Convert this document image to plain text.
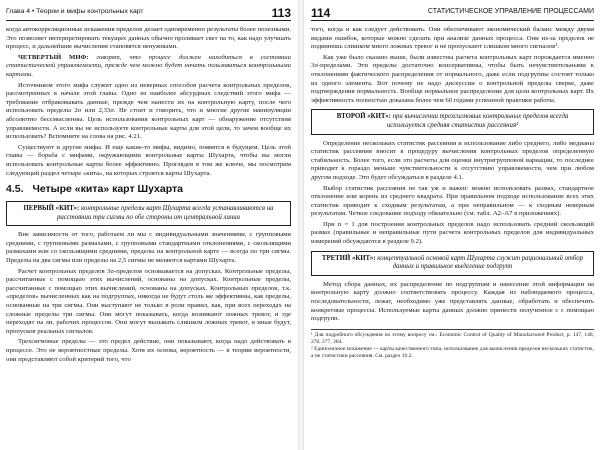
Глава 4 • Теории и мифы контрольных карт	113

когда автокорреляционные искажения пределов делает одновременно результаты более полезными. Это позволяет интерпретировать текущих данных обычно проливает свет на то, как надо улучшать процесс, и дальнейшие вычисления становятся ненужными.

ЧЕТВЕРТЫЙ МИФ: говорят, что процесс должен находиться в состоянии статистической управляемости, прежде чем можно будет начать пользоваться контрольными картами.

Источником этого мифа служит одно из неверных способов расчета контрольных пределов, рассмотренных в начале этой главы. Одно из наиболее абсурдных следствий этого мифа — требование отбраковывать данные, прежде чем нанести их на контрольную карту, после чего использовать пределы 2σ или 2,33σ. Не стоит и говорить, что и многие другие манипуляции абсолютно бессмысленны. Цель использования контрольных карт — обнаружение отсутствия управляемости. А если вы не используете контрольные карты для этой цели, то зачем вообще их использовать? Вспомните на слова на рис. 4.21.

Существуют и другие мифы. И еще какие-то мифы, видимо, появятся в будущем. Цель этой главы — борьба с мифами, окружающими контрольные карты Шухарта, чтобы вы могли использовать контрольные карты более эффективно. Проглядев в том же ключе, мы посмотрим следующий раздел четыре «кита», на которых строятся карты Шухарта.

4.5. Четыре «кита» карт Шухарта
ПЕРВЫЙ «КИТ»: контрольные пределы карт Шухарта всегда устанавливаются на расстоянии три сигмы по обе стороны от центральной линии

Вне зависимости от того, работаем ли мы с индивидуальными значениями, с групповыми средними, с групповыми размахами, с групповыми стандартными отклонениями, с скользящими размахами или со скользящими средними, пределы на контрольной карте — всегда по три сигмы. Пределы на два сигмы или пределы на 2,5 сигмы не являются картами Шухарта.

Расчет контрольных пределов 3σ-пределов основывается на допусках. Контрольные пределы, рассчитанные с помощью этих вычислений, основаны на допусках. Контрольные пределы, рассчитанные с помощью этих вычислений, основаны на допусках. Контрольных пределов, т.к. «пределов» вычисленных как на подгруппах, никогда не будут столь же эффективны, как пределы, основанные на три сигмы. Они выступают не только в роли правил, как, при всех переходах на сложные пределы три сигмы. Они могут показывать, когда возникают ложных тревог, и где переходят на ли, рабочих процессов. Они могут вызывать слишком ложных тревог, и иные будут, пропусков реальных сигналов.

Трехсигмовые пределы — это предел действие, они показывают, когда надо действовать в процессе. Это не вероятностные пределы. Хотя их основа, вероятность — в теории вероятности, они представляют собой критерий того, что

114	СТАТИСТИЧЕСКОЕ УПРАВЛЕНИЕ ПРОЦЕССАМИ

того, когда и как следует действовать. Они обеспечивают экономический баланс между двумя видами ошибок, которые можно сделать при анализе данных процесса. Они из-за пределов не подвинешь слишком много ложных тревог и не пропускают слишком много сигналов¹.

Как уже было сказано выше, были известны расчета контрольных карт порождается именно 3σ-пределами. Эти пределы достаточно консервативны, чтобы быть нечувствительными к отклонениям фактического распределения от нормального, даже если подгруппы состоят только из одного элемента. Вот почему не надо дискуссии о контрольной пределы сверке, даже подтверждения нормальность. Вообще нормальное распределение для цели контрольных карт. Их эффективность полностью доказана более чем 60 годами успешной практики работы.

ВТОРОЙ «КИТ»: при вычислении трехсигмовых контрольных пределов всегда используется средняя статистик рассеяния²

Определение нескольких статистик рассеяния и использование либо среднего, либо медианы статистик рассеяния вносит в процедуру вычисления контрольных пределов определенную стабильность. Более того, если это расчеты для оценки внутригрупповой вариации, то последнее приводит к гораздо меньше чувствительности к отсутствию управляемости, чем при любом другом подходе. Это будет обсуждаться в разделе 4.1.

Выбор статистик рассеяния не так уж и важен: можно использовать размах, стандартное отклонение или корень из среднего квадрата. При правильном подходе использование всех этих статистик приводит к сходным результатам, а при неправильном — к сходным неверным результатам. Четкое следование подходу обязательно (см. табл. A2–A7 в приложениях).

При n = 1 для построения контрольных пределов надо использовать средний скользящий размах (правильные и неправильные пути расчета контрольных пределов для индивидуальных измерений обсуждаются в разделе 9.2).

ТРЕТИЙ «КИТ»: концептуальной основой карт Шухарта служит рациональный отбор данных и правильное выделение подгрупп

Метод сбора данных, их распределение по подгруппам и нанесение этой информации на контрольную карту должно соответствовать процессу. Каждая из наблюдаемого процесса, последовательности, лежат, необходимо уже представлять данные, обработать и обеспечить конкретные процессы. Используемые карты данных должно принести полученное с с помощью подгрупп.

¹ Для подробного обсуждения по этому вопросу см.: Economic Control of Quality of Manufactured Product, p. 147, 148, 276, 277, 304.

² Единоличное искажение — карты качественного типа, использование для вычисления пределов нескольких статистик, а не статистики рассеяния. См. раздел 10.2.
